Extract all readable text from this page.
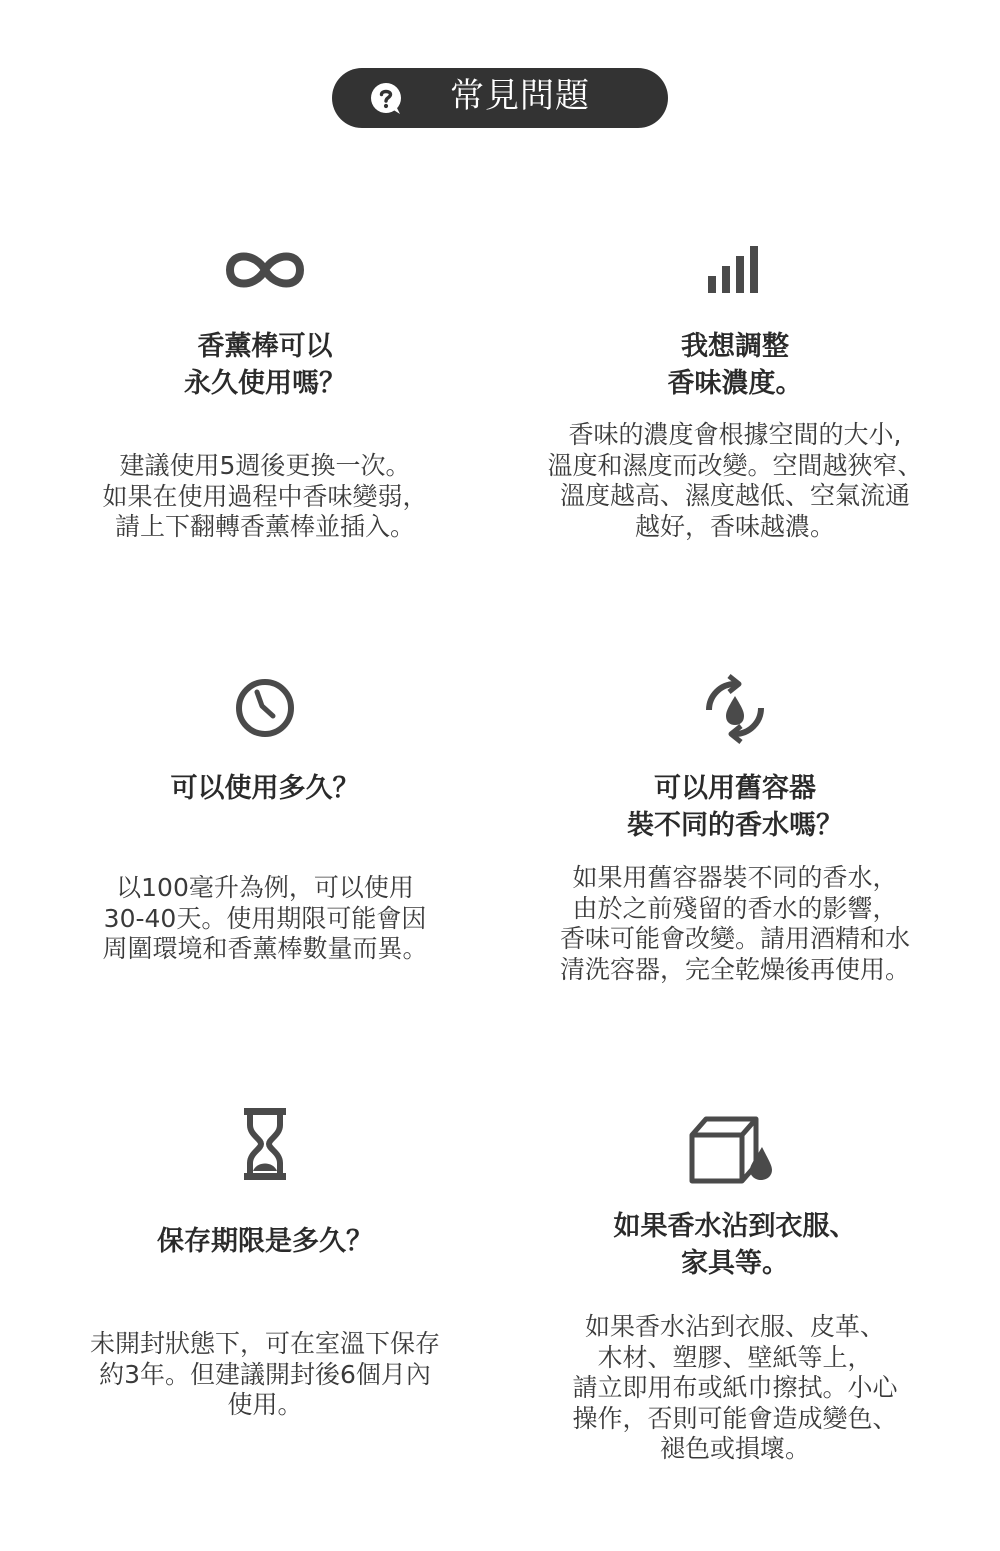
常見問題
香薰棒可以
永久使用嗎？
建議使用5週後更換一次。
如果在使用過程中香味變弱，
請上下翻轉香薰棒並插入。
我想調整
香味濃度。
香味的濃度會根據空間的大小,
溫度和濕度而改變。空間越狹窄、
溫度越高、濕度越低、空氣流通
越好，香味越濃。
可以使用多久？
以100毫升為例，可以使用
30-40天。使用期限可能會因
周圍環境和香薰棒數量而異。
可以用舊容器
裝不同的香水嗎？
如果用舊容器裝不同的香水，
由於之前殘留的香水的影響，
香味可能會改變。請用酒精和水
清洗容器，完全乾燥後再使用。
保存期限是多久？
未開封狀態下，可在室溫下保存
約3年。但建議開封後6個月內
使用。
如果香水沾到衣服、
家具等。
如果香水沾到衣服、皮革、
木材、塑膠、壁紙等上，
請立即用布或紙巾擦拭。小心
操作，否則可能會造成變色、
褪色或損壞。
